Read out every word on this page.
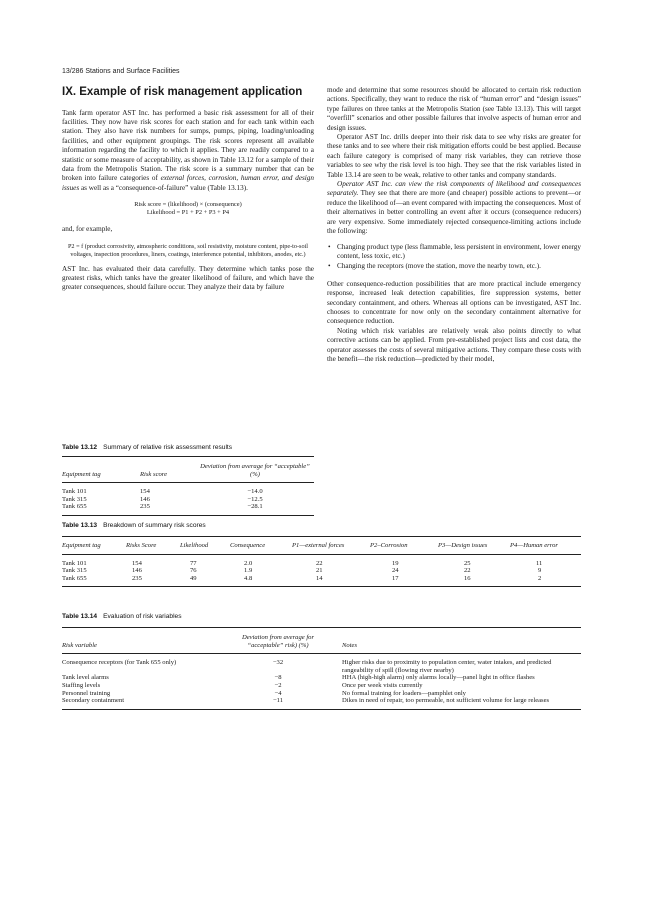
13/286 Stations and Surface Facilities
IX. Example of risk management application

Tank farm operator AST Inc. has performed a basic risk assessment for all of their facilities. They now have risk scores for each station and for each tank within each station. They also have risk numbers for sumps, pumps, piping, loading/unloading facilities, and other equipment groupings. The risk scores represent all available information regarding the facility to which it applies. They are readily compared to a statistic or some measure of acceptability, as shown in Table 13.12 for a sample of their data from the Metropolis Station. The risk score is a summary number that can be broken into failure categories of external forces, corrosion, human error, and design issues as well as a “consequence-of-failure” value (Table 13.13).

Risk score = (likelihood) × (consequence)
Likelihood = P1 + P2 + P3 + P4

and, for example,

P2 = f (product corrosivity, atmospheric conditions, soil resistivity, moisture content, pipe-to-soil voltages, inspection procedures, liners, coatings, interference potential, inhibitors, anodes, etc.)

AST Inc. has evaluated their data carefully. They determine which tanks pose the greatest risks, which tanks have the greater likelihood of failure, and which have the greater consequences, should failure occur. They analyze their data by failure

mode and determine that some resources should be allocated to certain risk reduction actions. Specifically, they want to reduce the risk of “human error” and “design issues” type failures on three tanks at the Metropolis Station (see Table 13.13). This will target “overfill” scenarios and other possible failures that involve aspects of human error and design issues.

Operator AST Inc. drills deeper into their risk data to see why risks are greater for these tanks and to see where their risk mitigation efforts could be best applied. Because each failure category is comprised of many risk variables, they can retrieve those variables to see why the risk level is too high. They see that the risk variables listed in Table 13.14 are seen to be weak, relative to other tanks and company standards.

Operator AST Inc. can view the risk components of likelihood and consequences separately. They see that there are more (and cheaper) possible actions to prevent—or reduce the likelihood of—an event compared with impacting the consequences. Most of their alternatives in better controlling an event after it occurs (consequence reducers) are very expensive. Some immediately rejected consequence-limiting actions include the following:

• Changing product type (less flammable, less persistent in environment, lower energy content, less toxic, etc.)
• Changing the receptors (move the station, move the nearby town, etc.).

Other consequence-reduction possibilities that are more practical include emergency response, increased leak detection capabilities, fire suppression systems, better secondary containment, and others. Whereas all options can be investigated, AST Inc. chooses to concentrate for now only on the secondary containment alternative for consequence reduction.

Noting which risk variables are relatively weak also points directly to what corrective actions can be applied. From pre-established project lists and cost data, the operator assesses the costs of several mitigative actions. They compare these costs with the benefit—the risk reduction—predicted by their model,

Table 13.12 Summary of relative risk assessment results
Equipment tag	Risk score	Deviation from average for “acceptable” (%)
Tank 101	154	−14.0
Tank 315	146	−12.5
Tank 655	235	−28.1
Table 13.13 Breakdown of summary risk scores
Equipment tag	Risks Score	Likelihood	Consequence	P1—external forces	P2–Corrosion	P3—Design issues	P4—Human error
Tank 101	154	77	2.0	22	19	25	11
Tank 315	146	76	1.9	21	24	22	9
Tank 655	235	49	4.8	14	17	16	2
Table 13.14 Evaluation of risk variables
Risk variable	Deviation from average for “acceptable” risk) (%)	Notes
Consequence receptors (for Tank 655 only)	−32	Higher risks due to proximity to population center, water intakes, and predicted rangeability of spill (flowing river nearby)
Tank level alarms	−8	HHA (high-high alarm) only alarms locally—panel light in office flashes
Staffing levels	−2	Once per week visits currently
Personnel training	−4	No formal training for loaders—pamphlet only
Secondary containment	−11	Dikes in need of repair, too permeable, not sufficient volume for large releases
